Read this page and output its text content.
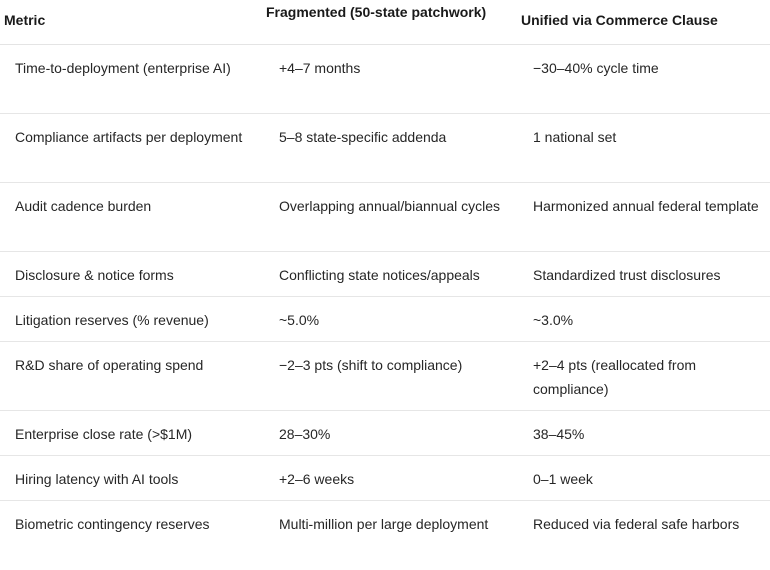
Metric	Fragmented (50-state patchwork)	Unified via Commerce Clause
Time-to-deployment (enterprise AI)	+4–7 months	−30–40% cycle time
Compliance artifacts per deployment	5–8 state-specific addenda	1 national set
Audit cadence burden	Overlapping annual/biannual cycles	Harmonized annual federal template
Disclosure & notice forms	Conflicting state notices/appeals	Standardized trust disclosures
Litigation reserves (% revenue)	~5.0%	~3.0%
R&D share of operating spend	−2–3 pts (shift to compliance)	+2–4 pts (reallocated from compliance)
Enterprise close rate (>$1M)	28–30%	38–45%
Hiring latency with AI tools	+2–6 weeks	0–1 week
Biometric contingency reserves	Multi-million per large deployment	Reduced via federal safe harbors
